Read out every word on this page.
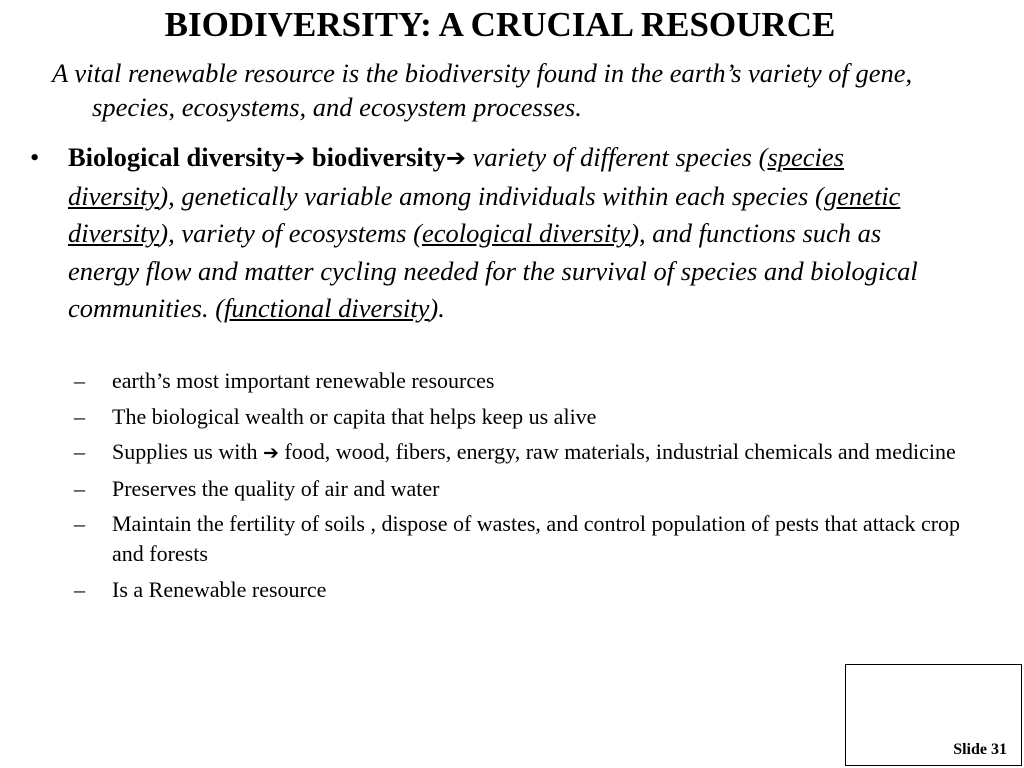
BIODIVERSITY: A CRUCIAL RESOURCE
A vital renewable resource is the biodiversity found in the earth’s variety of gene, species, ecosystems, and ecosystem processes.
• Biological diversity➔ biodiversity➔ variety of different species (species diversity), genetically variable among individuals within each species (genetic diversity), variety of ecosystems (ecological diversity), and functions such as energy flow and matter cycling needed for the survival of species and biological communities. (functional diversity).
– earth’s most important renewable resources
– The biological wealth or capita that helps keep us alive
– Supplies us with ➔ food, wood, fibers, energy, raw materials, industrial chemicals and medicine
– Preserves the quality of air and water
– Maintain the fertility of soils , dispose of wastes, and control population of pests that attack crop and forests
– Is a Renewable resource
Slide 31
